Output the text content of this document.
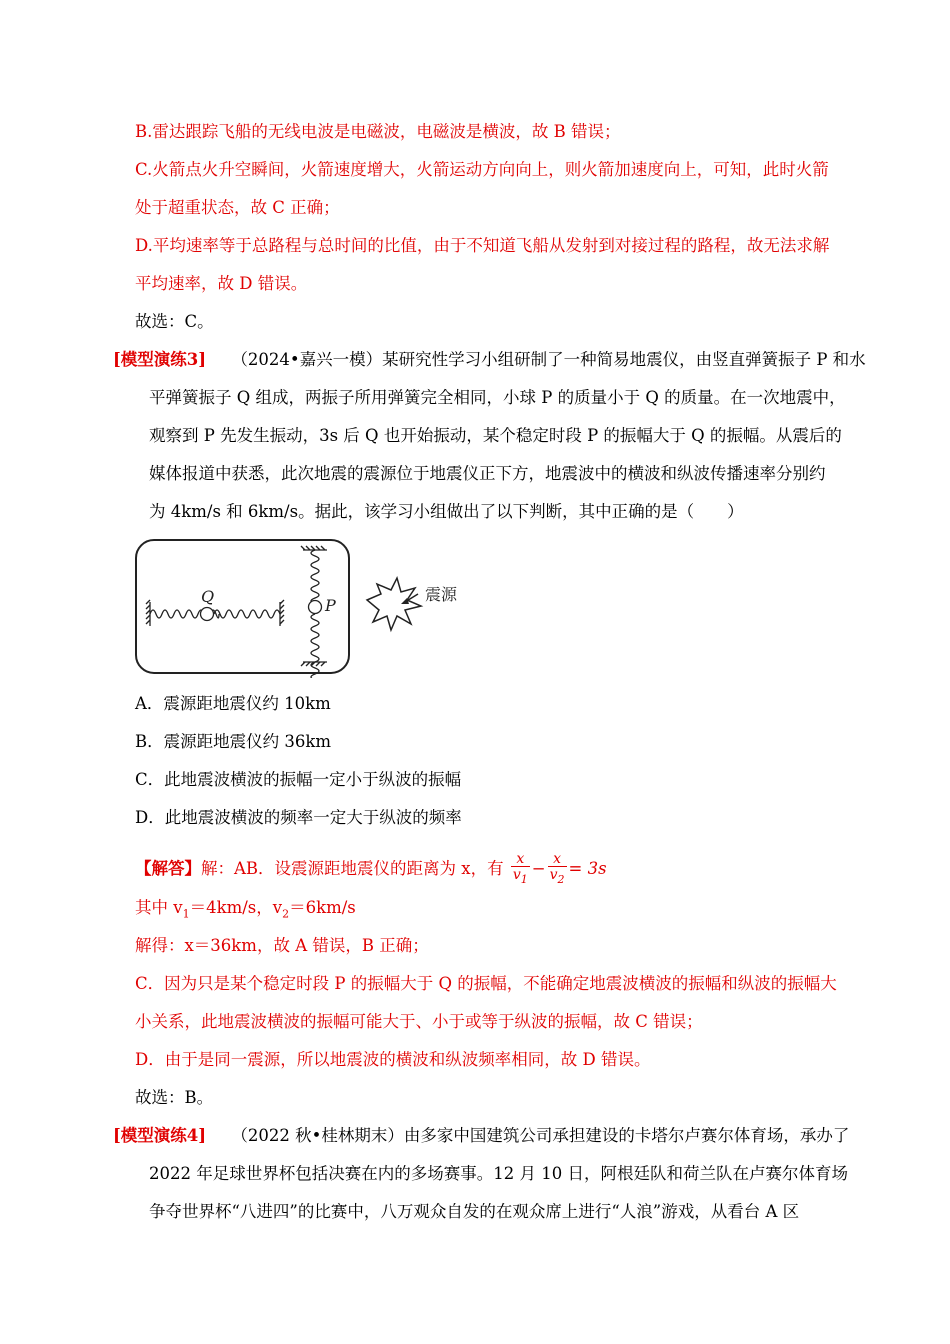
B.雷达跟踪飞船的无线电波是电磁波，电磁波是横波，故 B 错误；
C.火箭点火升空瞬间，火箭速度增大，火箭运动方向向上，则火箭加速度向上，可知，此时火箭
处于超重状态，故 C 正确；
D.平均速率等于总路程与总时间的比值，由于不知道飞船从发射到对接过程的路程，故无法求解
平均速率，故 D 错误。
故选：C。
[模型演练3] （2024•嘉兴一模）某研究性学习小组研制了一种简易地震仪，由竖直弹簧振子 P 和水
平弹簧振子 Q 组成，两振子所用弹簧完全相同，小球 P 的质量小于 Q 的质量。在一次地震中，
观察到 P 先发生振动，3s 后 Q 也开始振动，某个稳定时段 P 的振幅大于 Q 的振幅。从震后的
媒体报道中获悉，此次地震的震源位于地震仪正下方，地震波中的横波和纵波传播速率分别约
为 4km/s 和 6km/s。据此，该学习小组做出了以下判断，其中正确的是（　　）
Q	P
震源
A．震源距地震仪约 10km
B．震源距地震仪约 36km
C．此地震波横波的振幅一定小于纵波的振幅
D．此地震波横波的频率一定大于纵波的频率
【解答】解：AB．设震源距地震仪的距离为 x，有 $\frac{x}{v_1} - \frac{x}{v_2} = 3s$
其中 $v_1=4km/s$，$v_2=6km/s$
解得：x＝36km，故 A 错误，B 正确；
C．因为只是某个稳定时段 P 的振幅大于 Q 的振幅，不能确定地震波横波的振幅和纵波的振幅大
小关系，此地震波横波的振幅可能大于、小于或等于纵波的振幅，故 C 错误；
D．由于是同一震源，所以地震波的横波和纵波频率相同，故 D 错误。
故选：B。
[模型演练4] （2022 秋•桂林期末）由多家中国建筑公司承担建设的卡塔尔卢赛尔体育场，承办了
2022 年足球世界杯包括决赛在内的多场赛事。12 月 10 日，阿根廷队和荷兰队在卢赛尔体育场
争夺世界杯“八进四”的比赛中，八万观众自发的在观众席上进行“人浪”游戏，从看台 A 区
